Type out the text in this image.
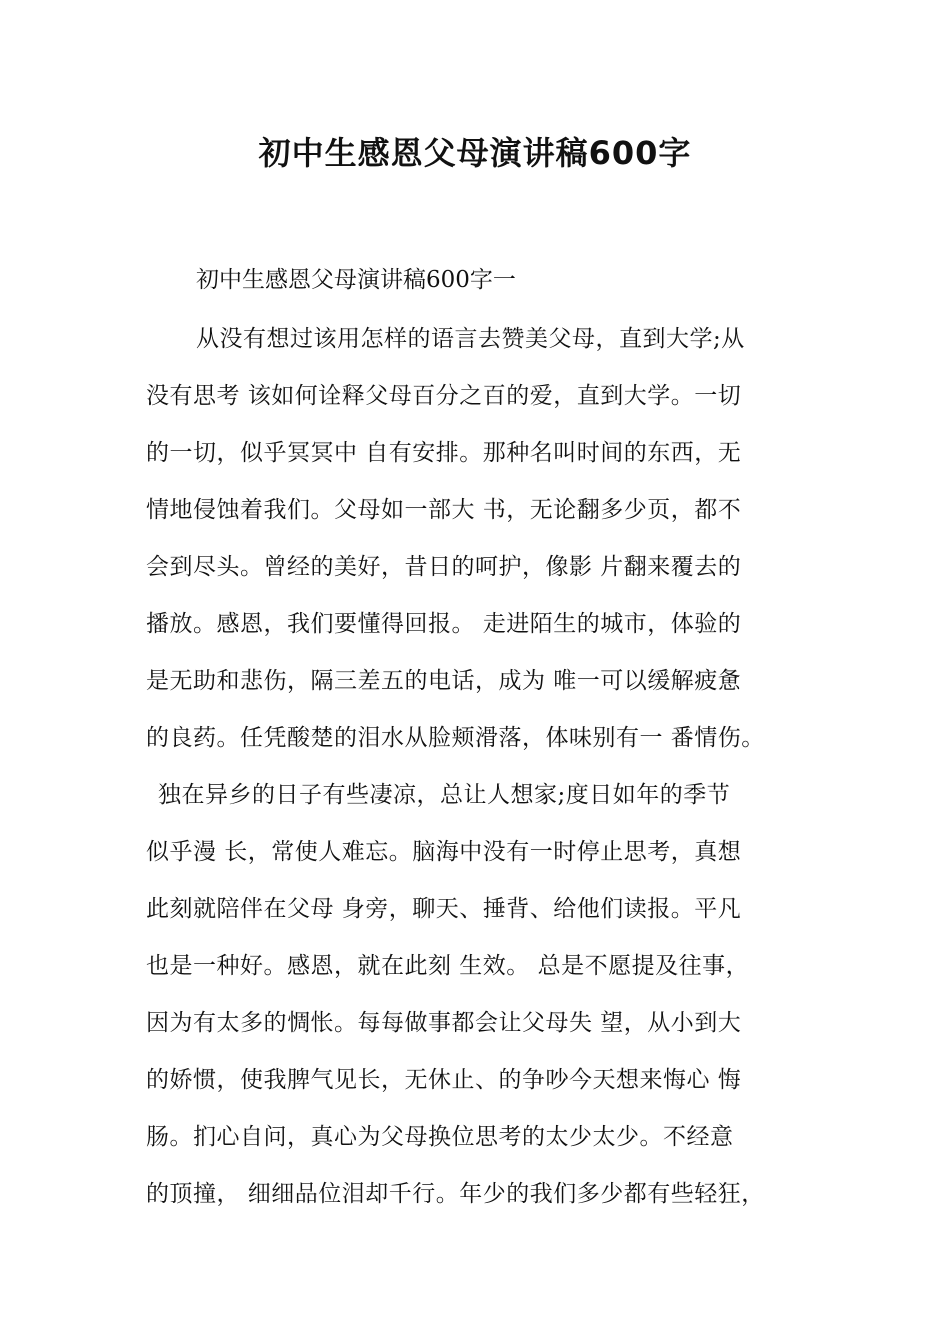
初中生感恩父母演讲稿600字

初中生感恩父母演讲稿600字一

从没有想过该用怎样的语言去赞美父母，直到大学;从

没有思考 该如何诠释父母百分之百的爱，直到大学。一切

的一切，似乎冥冥中 自有安排。那种名叫时间的东西，无

情地侵蚀着我们。父母如一部大 书，无论翻多少页，都不

会到尽头。曾经的美好，昔日的呵护，像影 片翻来覆去的

播放。感恩，我们要懂得回报。 走进陌生的城市，体验的

是无助和悲伤，隔三差五的电话，成为 唯一可以缓解疲惫

的良药。任凭酸楚的泪水从脸颊滑落，体味别有一 番情伤。

独在异乡的日子有些凄凉，总让人想家;度日如年的季节

似乎漫 长，常使人难忘。脑海中没有一时停止思考，真想

此刻就陪伴在父母 身旁，聊天、捶背、给他们读报。平凡

也是一种好。感恩，就在此刻 生效。 总是不愿提及往事，

因为有太多的惆怅。每每做事都会让父母失 望，从小到大

的娇惯，使我脾气见长，无休止、的争吵今天想来悔心 悔

肠。扪心自问，真心为父母换位思考的太少太少。不经意

的顶撞， 细细品位泪却千行。年少的我们多少都有些轻狂，
